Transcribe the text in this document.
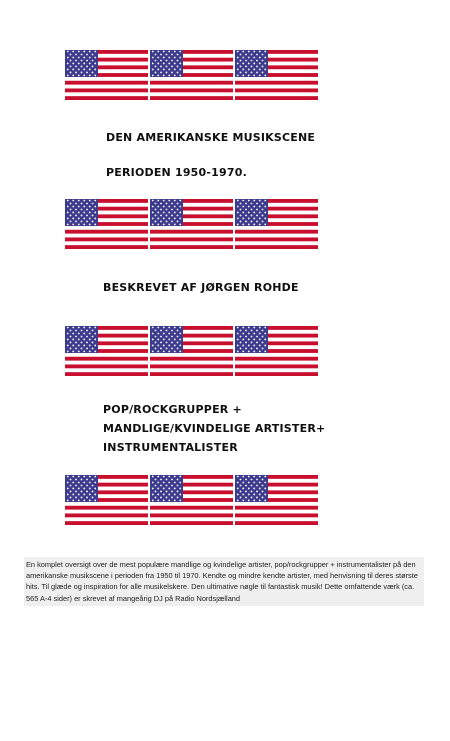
DEN AMERIKANSKE MUSIKSCENE
PERIODEN 1950-1970.

BESKREVET AF JØRGEN ROHDE

POP/ROCKGRUPPER +
MANDLIGE/KVINDELIGE ARTISTER+
INSTRUMENTALISTER

En komplet oversigt over de mest populære mandlige og kvindelige artister, pop/rockgrupper + instrumentalister på den amerikanske musikscene i perioden fra 1950 til 1970. Kendte og mindre kendte artister, med henvisning til deres største hits. Til glæde og inspiration for alle musikelskere. Den ultimative nøgle til fantastisk musik! Dette omfattende værk (ca. 565 A-4 sider) er skrevet af mangeårig DJ på Radio Nordsjælland
